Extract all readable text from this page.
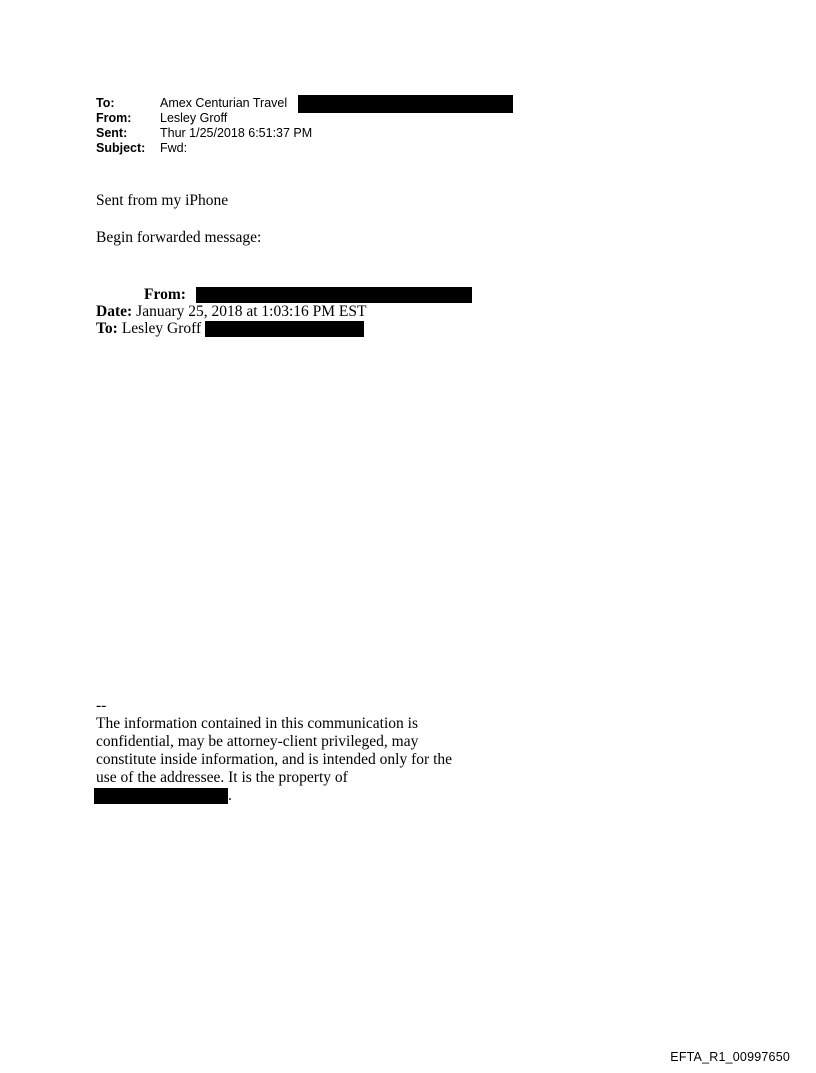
To:	Amex Centurian Travel
From:	Lesley Groff
Sent:	Thur 1/25/2018 6:51:37 PM
Subject:	Fwd:
Sent from my iPhone
Begin forwarded message:
From:
Date: January 25, 2018 at 1:03:16 PM EST
To: Lesley Groff

--

The information contained in this communication is confidential, may be attorney-client privileged, may constitute inside information, and is intended only for the use of the addressee. It is the property of

.

EFTA_R1_00997650
